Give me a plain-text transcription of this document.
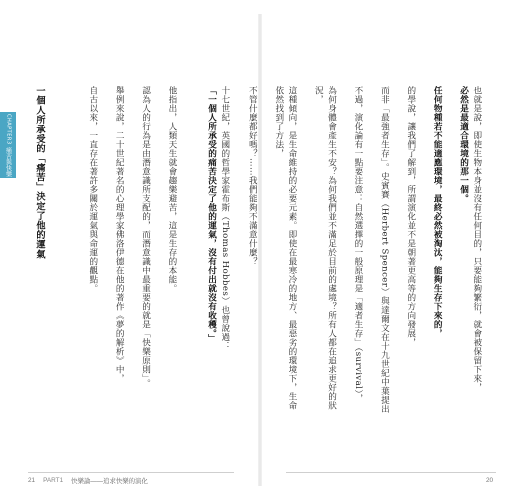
CHAPTER
3
痛苦與快樂	十七世紀，英國的哲學家霍布斯（Thomas Hobbes）也曾說過：
「一個人所承受的痛苦決定了他的運氣，沒有付出就沒有收穫。」

他指出，人類天生就會趨樂避苦，這是生存的本能。

認為人的行為是由潛意識所支配的，而潛意識中最重要的就是「快樂原則」。

舉例來說，二十世紀著名的心理學家佛洛伊德在他的著作《夢的解析》中，

自古以來，一直存在著許多關於運氣與命運的觀點。

一個人所承受的「痛苦」決定了他的運氣

21 PART1 快樂論——追求快樂的演化

也就是說，即使生物本身並沒有任何目的，只要能夠繁衍，就會被保留下來，
必然是最適合環境的那一個。

任何物種若不能適應環境，最終必然被淘汰，能夠生存下來的，

的學說，讓我們了解到，所謂演化並不是朝著更高等的方向發展，

而非「最強者生存」。史賓賽（Herbert Spencer）與達爾文在十九世紀中葉提出

不過，演化論有一點要注意：自然選擇的一般原理是「適者生存」（survival），

為何身體會產生不安？為何我們並不滿足於目前的處境？所有人都在追求更好的狀況，

這種傾向，是生命維持的必要元素。即使在最寒冷的地方、最惡劣的環境下，生命依然找到了方法，

不管什麼都好嗎？……我們能夠不滿意什麼？

20
